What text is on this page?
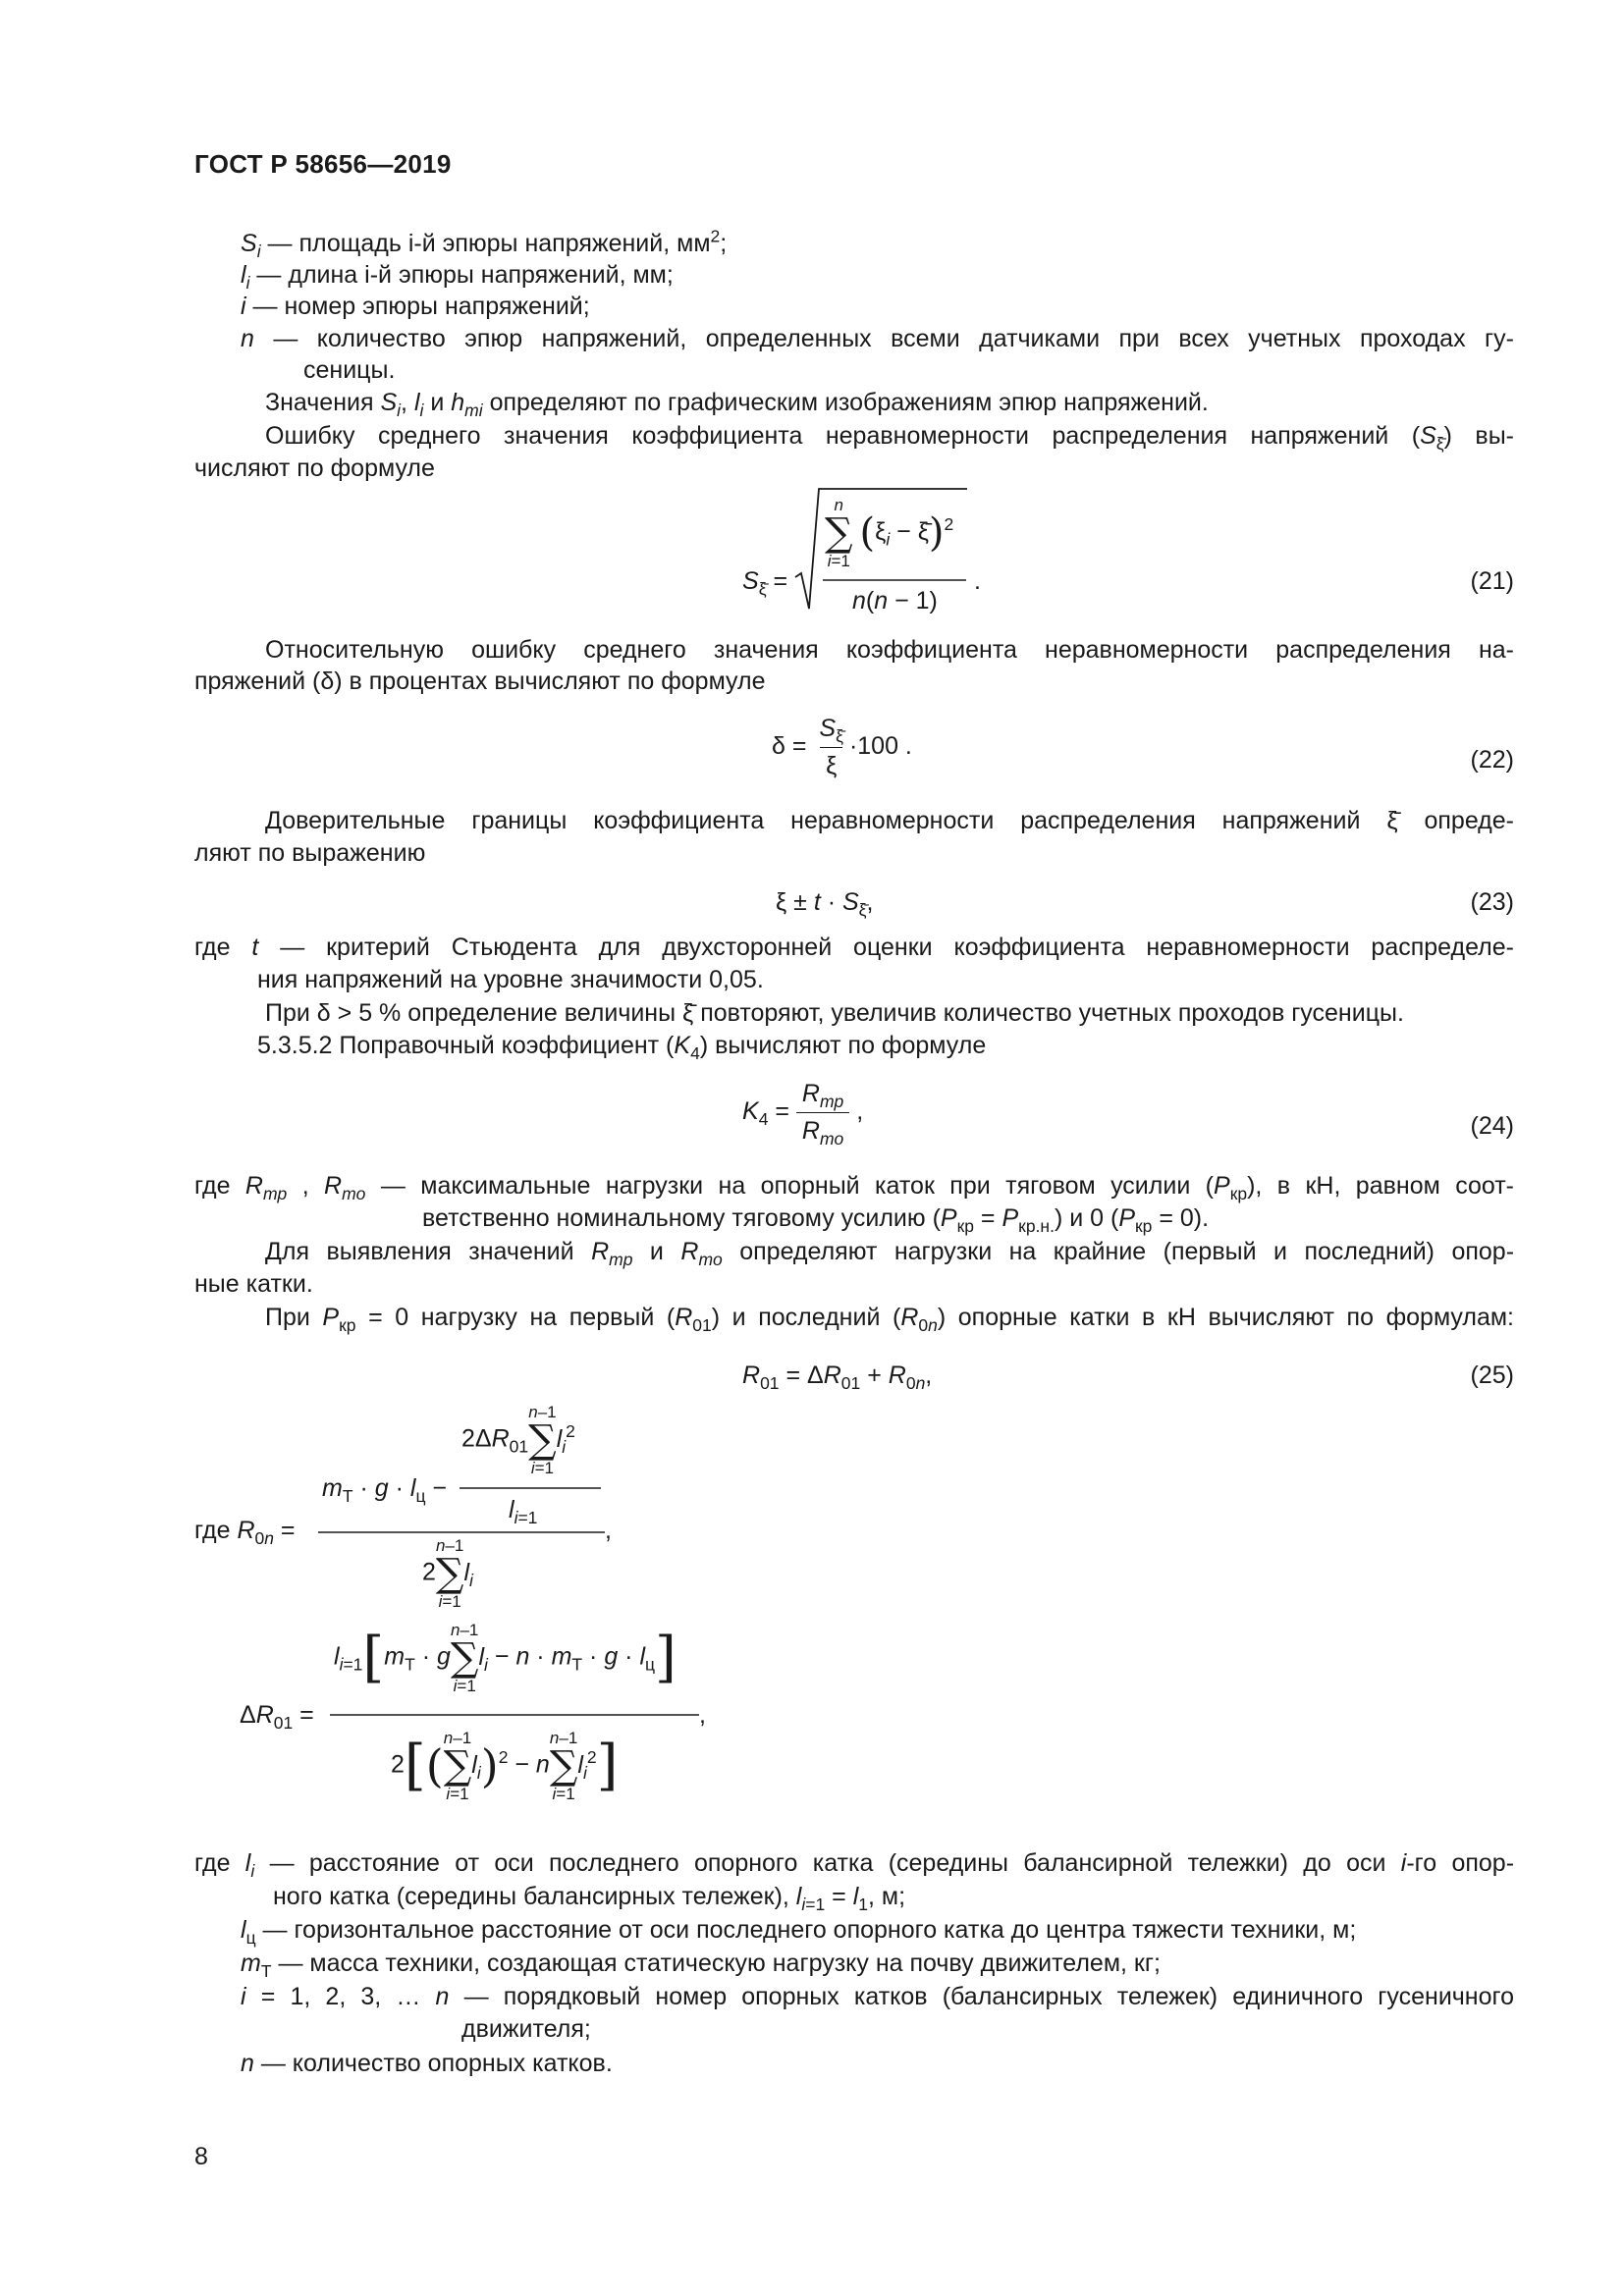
ГОСТ Р 58656—2019
$S_i$ — площадь i-й эпюры напряжений, $мм^2$;
$l_i$ — длина i-й эпюры напряжений, мм;
i — номер эпюры напряжений;
n — количество эпюр напряжений, определенных всеми датчиками при всех учетных проходах гу-
сеницы.
Значения $S_i$, $l_i$ и $h_{mi}$ определяют по графическим изображениям эпюр напряжений.
Ошибку среднего значения коэффициента неравномерности распределения напряжений $(S_{\xī})$ вы-
числяют по формуле
$S_{\xī}$ =
n
∑
i=1
($\xi_i$ − ξ̄)$^2$
n(n − 1)
.	(21)
Относительную ошибку среднего значения коэффициента неравномерности распределения на-
пряжений (δ) в процентах вычисляют по формуле
$\delta = \frac{S_{\xī}}{\xi} \cdot 100$ .	(22)
Доверительные границы коэффициента неравномерности распределения напряжений ξ̄ опреде-
ляют по выражению
$\xi \pm t \cdot S_{\xī}$,	(23)
где t — критерий Стьюдента для двухсторонней оценки коэффициента неравномерности распределе-
ния напряжений на уровне значимости 0,05.
При δ > 5 % определение величины ξ̄ повторяют, увеличив количество учетных проходов гусеницы.
5.3.5.2 Поправочный коэффициент $(K_4)$ вычисляют по формуле
$K_4 = \frac{R_{mp}}{R_{mo}}$ ,
(24)
где $R_{mp}$ , $R_{mo}$ — максимальные нагрузки на опорный каток при тяговом усилии $(P_{кр})$, в кН, равном соот-
ветственно номинальному тяговому усилию $(P_{кр} = P_{кр.н.})$ и 0 $(P_{кр} = 0)$.
Для выявления значений $R_{mp}$ и $R_{mo}$ определяют нагрузки на крайние (первый и последний) опор-
ные катки.
При $P_{кр} = 0$ нагрузку на первый $(R_{01})$ и последний $(R_{0n})$ опорные катки в кН вычисляют по формулам:
$R_{01} = \Delta R_{01} + R_{0n}$,	(25)
где $R_{0n}$ =
$2\Delta R_{01}$
n–1
∑
i=1
$l_i^2$
$m_Т \cdot g \cdot l_ц$ −
$l_{i=1}$	,
2
n–1
∑
i=1
$l_i$
$\Delta R_{01}$ =
$l_{i=1}[m_Т \cdot g$
n–1
∑
i=1
$l_i - n \cdot m_Т \cdot g \cdot l_ц$]
,
2[(
n–1
∑
i=1
$l_i)^2 - n$
n–1
∑
i=1
$l_i^2$]
где $l_i$ — расстояние от оси последнего опорного катка (середины балансирной тележки) до оси i-го опор-
ного катка (середины балансирных тележек), $l_{i=1} = l_1$, м;
$l_ц$ — горизонтальное расстояние от оси последнего опорного катка до центра тяжести техники, м;
$m_Т$ — масса техники, создающая статическую нагрузку на почву движителем, кг;
i = 1, 2, 3, … n — порядковый номер опорных катков (балансирных тележек) единичного гусеничного
движителя;
n — количество опорных катков.
8
